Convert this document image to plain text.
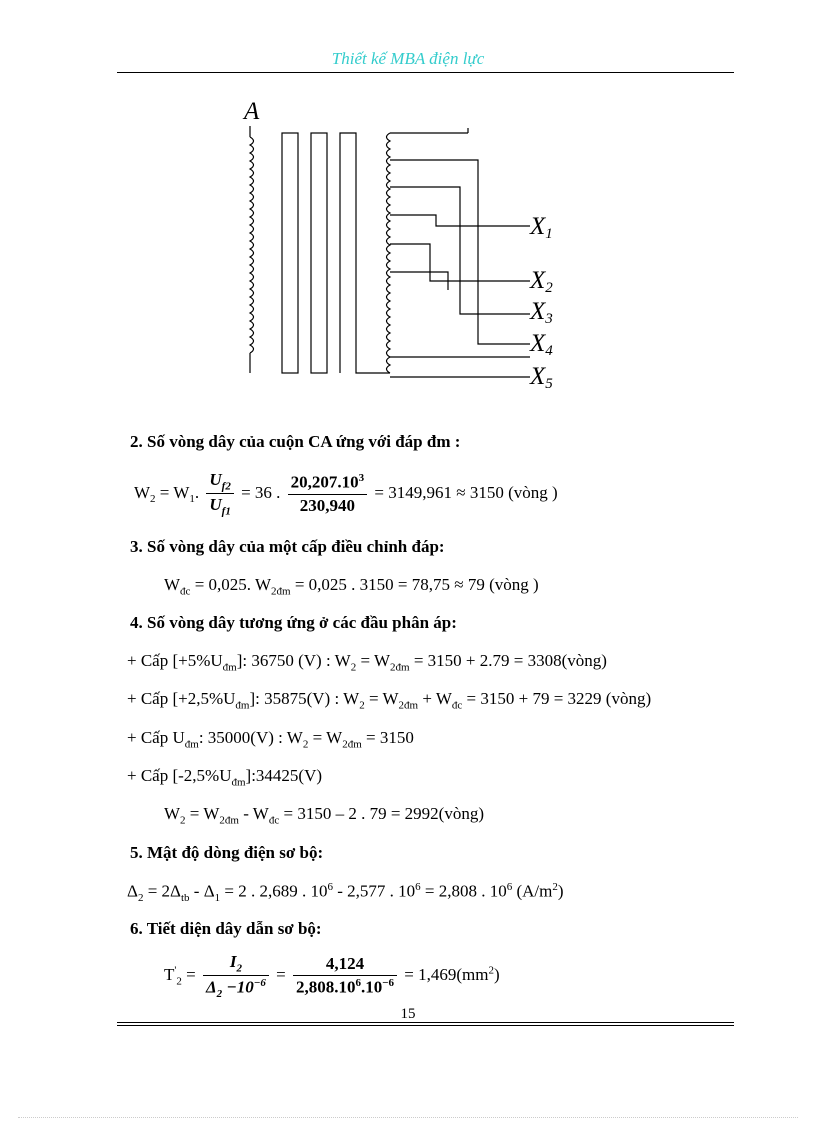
Thiết kế MBA điện lực
A
X1
X2
X3
X4
X5
2. Số vòng dây của cuộn CA ứng với đáp đm :
$W_2 = W_1$. $\frac{U_{f2}}{U_{f1}} = 36$ . $\frac{20,207.10^3}{230,940} = 3149,961 \approx 3150$ (vòng )
3. Số vòng dây của một cấp điều chỉnh đáp:
$W_{đc} = 0,025$. $W_{2đm} = 0,025$ . 3150 = 78,75 ≈ 79 (vòng )
4. Số vòng dây tương ứng ở các đầu phân áp:
+ Cấp $[+5\%U_{đm}]$: 36750 (V) : $W_2 = W_{2đm} = 3150 + 2.79$ = 3308(vòng)
+ Cấp $[+2,5\%U_{đm}]$: 35875(V) : $W_2 = W_{2đm} + W_{đc} = 3150 + 79 = 3229$ (vòng)
+ Cấp $U_{đm}$: 35000(V) : $W_2 = W_{2đm} = 3150$
+ Cấp $[-2,5\%U_{đm}]:34425(V)$
$W_2 = W_{2đm} - W_{đc} = 3150 - 2$ . 79 = 2992(vòng)
5. Mật độ dòng điện sơ bộ:
$\Delta_2 = 2\Delta_{tb} - \Delta_1 = 2$ . 2,689 . $10^6 - 2,577$ . $10^6 = 2,808$ . $10^6$ $(A/m^2)$
6. Tiết diện dây dẫn sơ bộ:
$T'_2 = \frac{I_2}{\Delta_2 -10^{-6}} = \frac{4,124}{2,808.10^6.10^{-6}} = 1,469(mm^2)$
15
